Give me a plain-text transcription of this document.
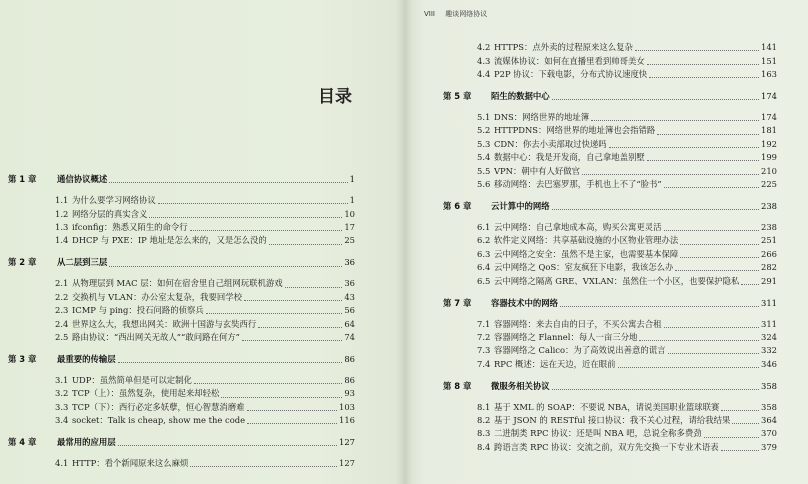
目录
第 1 章	通信协议概述	1
1.1 为什么要学习网络协议	1
1.2 网络分层的真实含义	10
1.3 ifconfig：熟悉又陌生的命令行	17
1.4 DHCP 与 PXE：IP 地址是怎么来的，又是怎么没的	25
第 2 章	从二层到三层	36
2.1 从物理层到 MAC 层：如何在宿舍里自己组网玩联机游戏	36
2.2 交换机与 VLAN：办公室太复杂，我要回学校	43
2.3 ICMP 与 ping：投石问路的侦察兵	56
2.4 世界这么大，我想出网关：欧洲十国游与玄奘西行	64
2.5 路由协议：“西出网关无故人”“敢问路在何方”	74
第 3 章	最重要的传输层	86
3.1 UDP：虽然简单但是可以定制化	86
3.2 TCP（上）：虽然复杂，使用起来却轻松	93
3.3 TCP（下）：西行必定多妖孽，恒心智慧消磨难	103
3.4 socket：Talk is cheap, show me the code	116
第 4 章	最常用的应用层	127
4.1 HTTP：看个新闻原来这么麻烦	127
VIII 趣谈网络协议
4.2 HTTPS：点外卖的过程原来这么复杂	141
4.3 流媒体协议：如何在直播里看到帅哥美女	151
4.4 P2P 协议：下载电影，分布式协议速度快	163
第 5 章	陌生的数据中心	174
5.1 DNS：网络世界的地址簿	174
5.2 HTTPDNS：网络世界的地址簿也会指错路	181
5.3 CDN：你去小卖部取过快递吗	192
5.4 数据中心：我是开发商，自己拿地盖别墅	199
5.5 VPN：朝中有人好做官	210
5.6 移动网络：去巴塞罗那，手机也上不了“脸书”	225
第 6 章	云计算中的网络	238
6.1 云中网络：自己拿地成本高，购买公寓更灵活	238
6.2 软件定义网络：共享基础设施的小区物业管理办法	251
6.3 云中网络之安全：虽然不是主家，也需要基本保障	266
6.4 云中网络之 QoS：室友疯狂下电影，我该怎么办	282
6.5 云中网络之隔离 GRE、VXLAN：虽然住一个小区，也要保护隐私	291
第 7 章	容器技术中的网络	311
7.1 容器网络：来去自由的日子，不买公寓去合租	311
7.2 容器网络之 Flannel：每人一亩三分地	324
7.3 容器网络之 Calico：为了高效说出善意的谎言	332
7.4 RPC 概述：远在天边，近在眼前	346
第 8 章	微服务相关协议	358
8.1 基于 XML 的 SOAP：不要说 NBA，请说美国职业篮球联赛	358
8.2 基于 JSON 的 RESTful 接口协议：我不关心过程，请给我结果	364
8.3 二进制类 RPC 协议：还是叫 NBA 吧，总说全称多费劲	370
8.4 跨语言类 RPC 协议：交流之前，双方先交换一下专业术语表	379
